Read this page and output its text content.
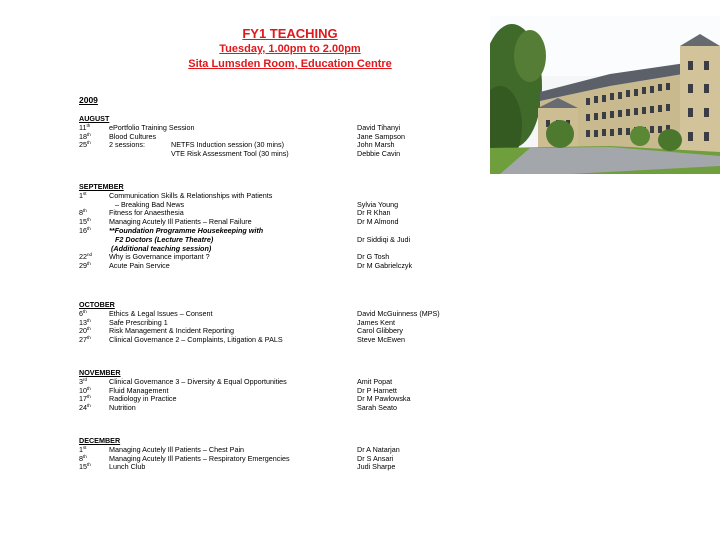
FY1 TEACHING
Tuesday, 1.00pm to 2.00pm
Sita Lumsden Room, Education Centre
2009
AUGUST
11th	ePortfolio Training Session	David Tihanyi
18th	Blood Cultures	Jane Sampson
25th	2 sessions:	NETFS Induction session (30 mins)	John Marsh
VTE Risk Assessment Tool (30 mins)	Debbie Cavin
SEPTEMBER
1st	Communication Skills & Relationships with Patients
– Breaking Bad News	Sylvia Young
8th	Fitness for Anaesthesia	Dr R Khan
15th	Managing Acutely Ill Patients – Renal Failure	Dr M Almond
16th	**Foundation Programme Housekeeping with
F2 Doctors (Lecture Theatre)	Dr Siddiqi & Judi
(Additional teaching session)
22nd Why is Governance important ?	Dr G Tosh
29th	Acute Pain Service	Dr M Gabrielczyk
OCTOBER
6th	Ethics & Legal Issues – Consent	David McGuinness (MPS)
13th	Safe Prescribing 1	James Kent
20th	Risk Management & Incident Reporting	Carol Glibbery
27th	Clinical Governance 2 – Complaints, Litigation & PALS	Steve McEwen
NOVEMBER
3rd	Clinical Governance 3 – Diversity & Equal Opportunities	Amit Popat
10th	Fluid Management	Dr P Harnett
17th	Radiology in Practice	Dr M Pawlowska
24th	Nutrition	Sarah Seato
DECEMBER
1st	Managing Acutely Ill Patients – Chest Pain	Dr A Natarjan
8th	Managing Acutely Ill Patients – Respiratory Emergencies	Dr S Ansari
15th	Lunch Club	Judi Sharpe
